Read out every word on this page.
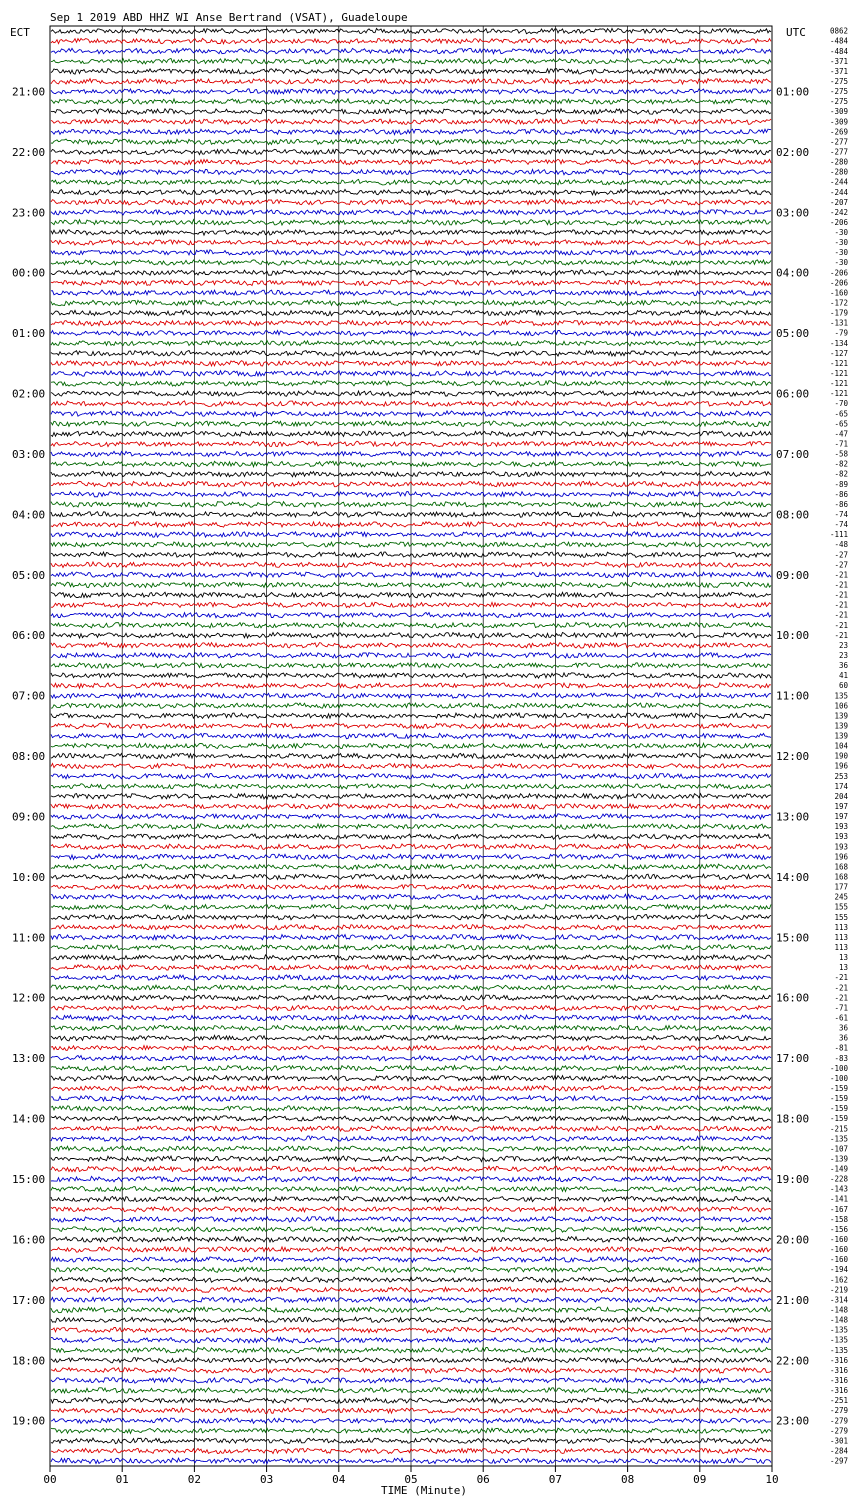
Sep 1 2019 ABD HHZ WI Anse Bertrand (VSAT), Guadeloupe
ECT	UTC
21:00
22:00
23:00
00:00
01:00
02:00
03:00
04:00
05:00
06:00
07:00
08:00
09:00
10:00
11:00
12:00
13:00
14:00
15:00
16:00
17:00
18:00
19:00
01:00
02:00
03:00
04:00
05:00
06:00
07:00
08:00
09:00
10:00
11:00
12:00
13:00
14:00
15:00
16:00
17:00
18:00
19:00
20:00
21:00
22:00
23:00
0862
-484
-484
-371
-371
-275
-275
-275
-309
-309
-269
-277
-277
-280
-280
-244
-244
-207
-242
-206
-30
-30
-30
-30
-206
-206
-160
-172
-179
-131
-79
-134
-127
-121
-121
-121
-121
-70
-65
-65
-47
-71
-58
-82
-82
-89
-86
-86
-74
-74
-111
-48
-27
-27
-21
-21
-21
-21
-21
-21
-21
23
23
36
41
60
135
106
139
139
139
104
190
196
253
174
204
197
197
193
193
193
196
168
168
177
245
155
155
113
113
113
13
13
-21
-21
-21
-71
-61
36
36
-81
-83
-100
-100
-159
-159
-159
-159
-215
-135
-107
-139
-149
-228
-143
-141
-167
-158
-156
-160
-160
-160
-194
-162
-219
-314
-148
-148
-135
-135
-135
-316
-316
-316
-316
-251
-279
-279
-279
-301
-284
-297
00	01	02	03	04	05	06	07	08	09	10
TIME (Minute)
